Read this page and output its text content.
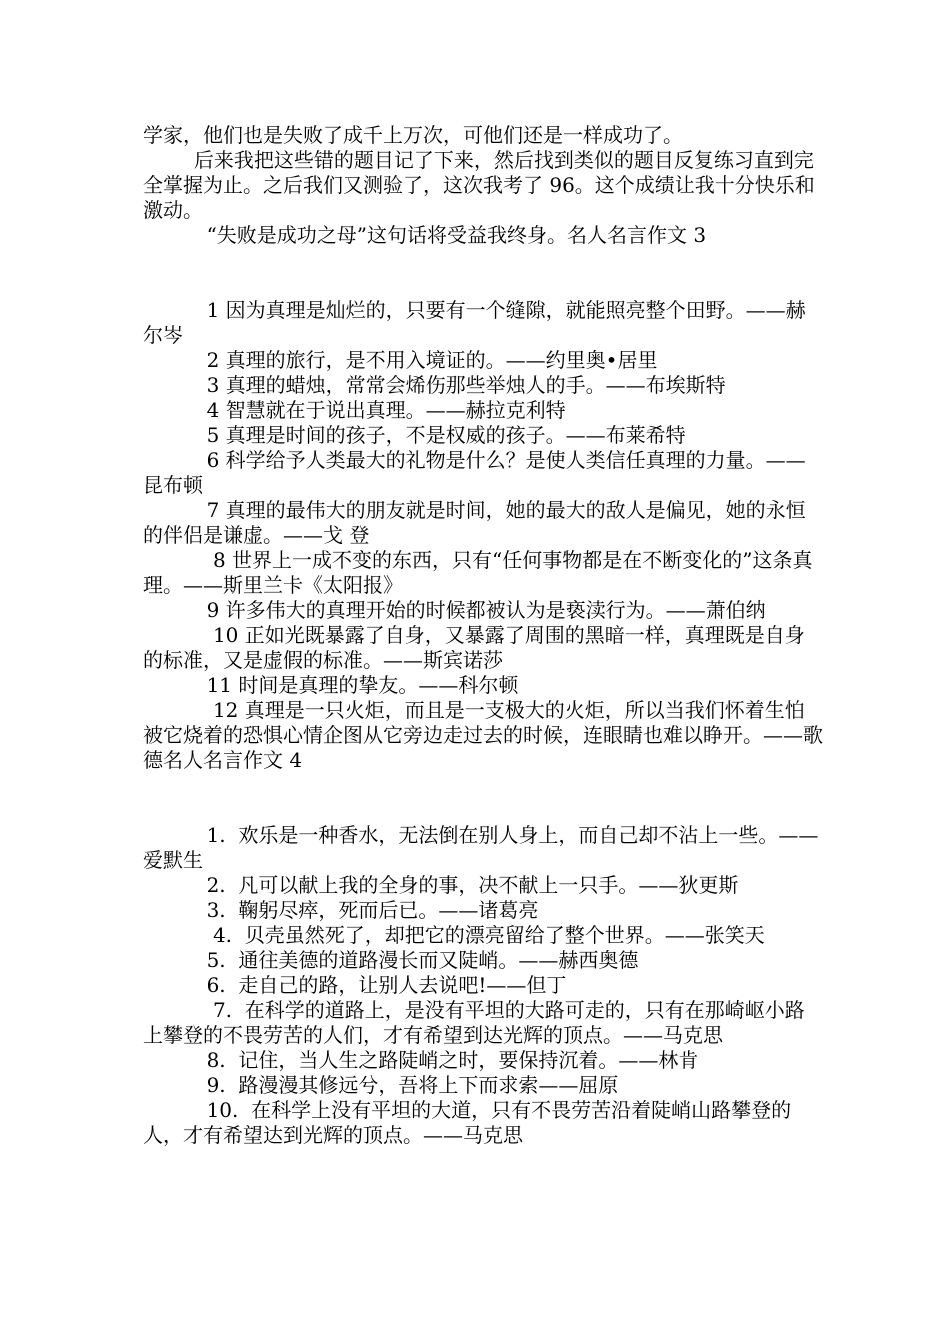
学家，他们也是失败了成千上万次，可他们还是一样成功了。

后来我把这些错的题目记了下来，然后找到类似的题目反复练习直到完全掌握为止。之后我们又测验了，这次我考了 96。这个成绩让我十分快乐和激动。

“失败是成功之母”这句话将受益我终身。名人名言作文 3

1 因为真理是灿烂的，只要有一个缝隙，就能照亮整个田野。——赫尔岑

2 真理的旅行，是不用入境证的。——约里奥•居里

3 真理的蜡烛，常常会烯伤那些举烛人的手。——布埃斯特

4 智慧就在于说出真理。——赫拉克利特

5 真理是时间的孩子，不是权威的孩子。——布莱希特

6 科学给予人类最大的礼物是什么？是使人类信任真理的力量。——昆布顿

7 真理的最伟大的朋友就是时间，她的最大的敌人是偏见，她的永恒的伴侣是谦虚。——戈 登

8 世界上一成不变的东西，只有“任何事物都是在不断变化的”这条真理。——斯里兰卡《太阳报》

9 许多伟大的真理开始的时候都被认为是亵渎行为。——萧伯纳

10 正如光既暴露了自身，又暴露了周围的黑暗一样，真理既是自身的标准，又是虚假的标准。——斯宾诺莎

11 时间是真理的挚友。——科尔顿

12 真理是一只火炬，而且是一支极大的火炬，所以当我们怀着生怕被它烧着的恐惧心情企图从它旁边走过去的时候，连眼睛也难以睁开。——歌 德名人名言作文 4

1.  欢乐是一种香水，无法倒在别人身上，而自己却不沾上一些。——爱默生

2.  凡可以献上我的全身的事，决不献上一只手。——狄更斯

3.  鞠躬尽瘁，死而后已。——诸葛亮

4.  贝壳虽然死了，却把它的漂亮留给了整个世界。——张笑天

5.  通往美德的道路漫长而又陡峭。——赫西奥德

6.  走自己的路，让别人去说吧!——但丁

7.  在科学的道路上，是没有平坦的大路可走的，只有在那崎岖小路上攀登的不畏劳苦的人们，才有希望到达光辉的顶点。——马克思

8.  记住，当人生之路陡峭之时，要保持沉着。——林肯

9.  路漫漫其修远兮，吾将上下而求索——屈原

10.  在科学上没有平坦的大道，只有不畏劳苦沿着陡峭山路攀登的人，才有希望达到光辉的顶点。——马克思
